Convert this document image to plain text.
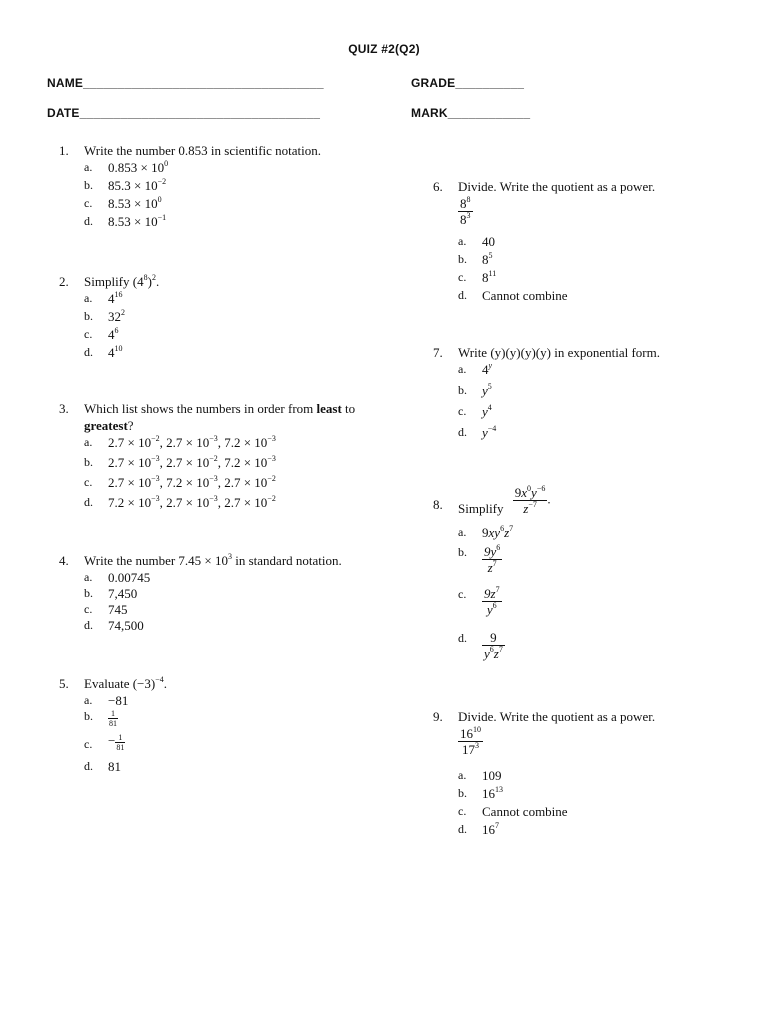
QUIZ #2(Q2)
NAME___________________________________	GRADE__________
DATE___________________________________	MARK____________
1. Write the number 0.853 in scientific notation.
a. $0.853 \times 10^0$
b. $85.3 \times 10^{-2}$
c. $8.53 \times 10^0$
d. $8.53 \times 10^{-1}$
2. Simplify $(4^8)^2$.
a. $4^{16}$
b. $32^2$
c. $4^6$
d. $4^{10}$
3. Which list shows the numbers in order from least to
greatest?
a. $2.7 \times 10^{-2}$, $2.7 \times 10^{-3}$, $7.2 \times 10^{-3}$
b. $2.7 \times 10^{-3}$, $2.7 \times 10^{-2}$, $7.2 \times 10^{-3}$
c. $2.7 \times 10^{-3}$, $7.2 \times 10^{-3}$, $2.7 \times 10^{-2}$
d. $7.2 \times 10^{-3}$, $2.7 \times 10^{-3}$, $2.7 \times 10^{-2}$
4. Write the number $7.45 \times 10^3$ in standard notation.
a. 0.00745
b. 7,450
c. 745
d. 74,500
5. Evaluate $(-3)^{-4}$.
a. −81
b. $\frac{1}{81}$
c. − $\frac{1}{81}$
d. 81
6. Divide. Write the quotient as a power.
$\frac{8^8}{8^3}$
a. 40
b. $8^5$
c. $8^{11}$
d. Cannot combine
7. Write (y)(y)(y)(y) in exponential form.
a. 4$^y$
b. $y^5$
c. $y^4$
d. $y^{-4}$
8. Simplify $\frac{9x^0y^{-6}}{z^{-7}}$ .
a. $9xy^6z^7$
b. $\frac{9y^6}{z^7}$
c. $\frac{9z^7}{y^6}$
d. $\frac{9}{y^6z^7}$
9. Divide. Write the quotient as a power.
$\frac{16^{10}}{17^3}$
a. 109
b. $16^{13}$
c. Cannot combine
d. $16^7$
